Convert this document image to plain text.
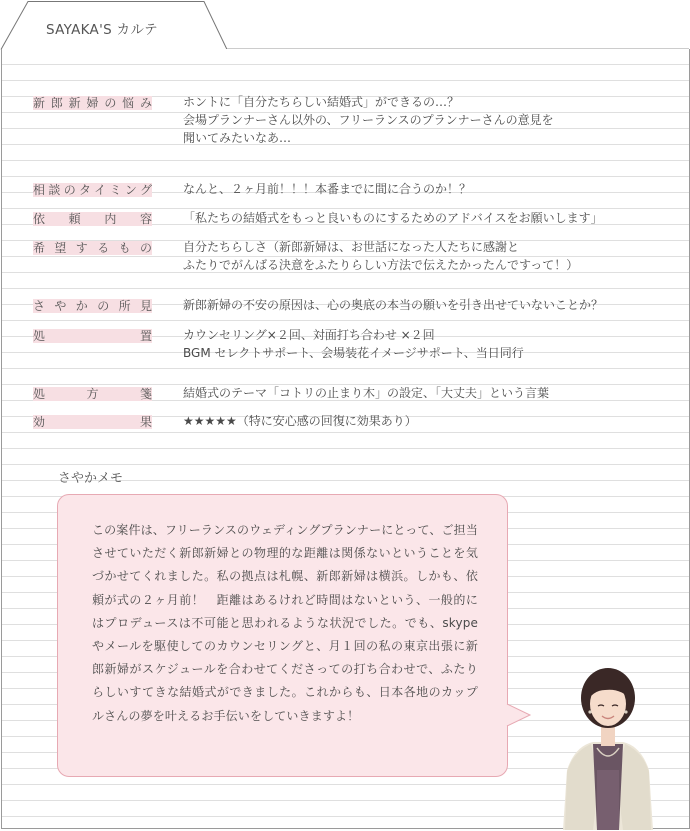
SAYAKA'S カルテ
新郎新婦の悩み	ホントに「自分たちらしい結婚式」ができるの…？
会場プランナーさん以外の、フリーランスのプランナーさんの意見を
聞いてみたいなあ…
相談のタイミング	なんと、２ヶ月前！！！本番までに間に合うのか！？
依頼内容	「私たちの結婚式をもっと良いものにするためのアドバイスをお願いします」
希望するもの	自分たちらしさ（新郎新婦は、お世話になった人たちに感謝と
ふたりでがんばる決意をふたりらしい方法で伝えたかったんですって！）
さやかの所見	新郎新婦の不安の原因は、心の奥底の本当の願いを引き出せていないことか？
処置	カウンセリング×２回、対面打ち合わせ ×２回
BGM セレクトサポート、会場装花イメージサポート、当日同行
処方箋	結婚式のテーマ「コトリの止まり木」の設定、「大丈夫」という言葉
効果	★★★★★（特に安心感の回復に効果あり）
さやかメモ
この案件は、フリーランスのウェディングプランナーにとって、ご担当させていただく新郎新婦との物理的な距離は関係ないということを気づかせてくれました。私の拠点は札幌、新郎新婦は横浜。しかも、依頼が式の２ヶ月前！　距離はあるけれど時間はないという、一般的にはプロデュースは不可能と思われるような状況でした。でも、skypeやメールを駆使してのカウンセリングと、月１回の私の東京出張に新郎新婦がスケジュールを合わせてくださっての打ち合わせで、ふたりらしいすてきな結婚式ができました。これからも、日本各地のカップルさんの夢を叶えるお手伝いをしていきますよ！
